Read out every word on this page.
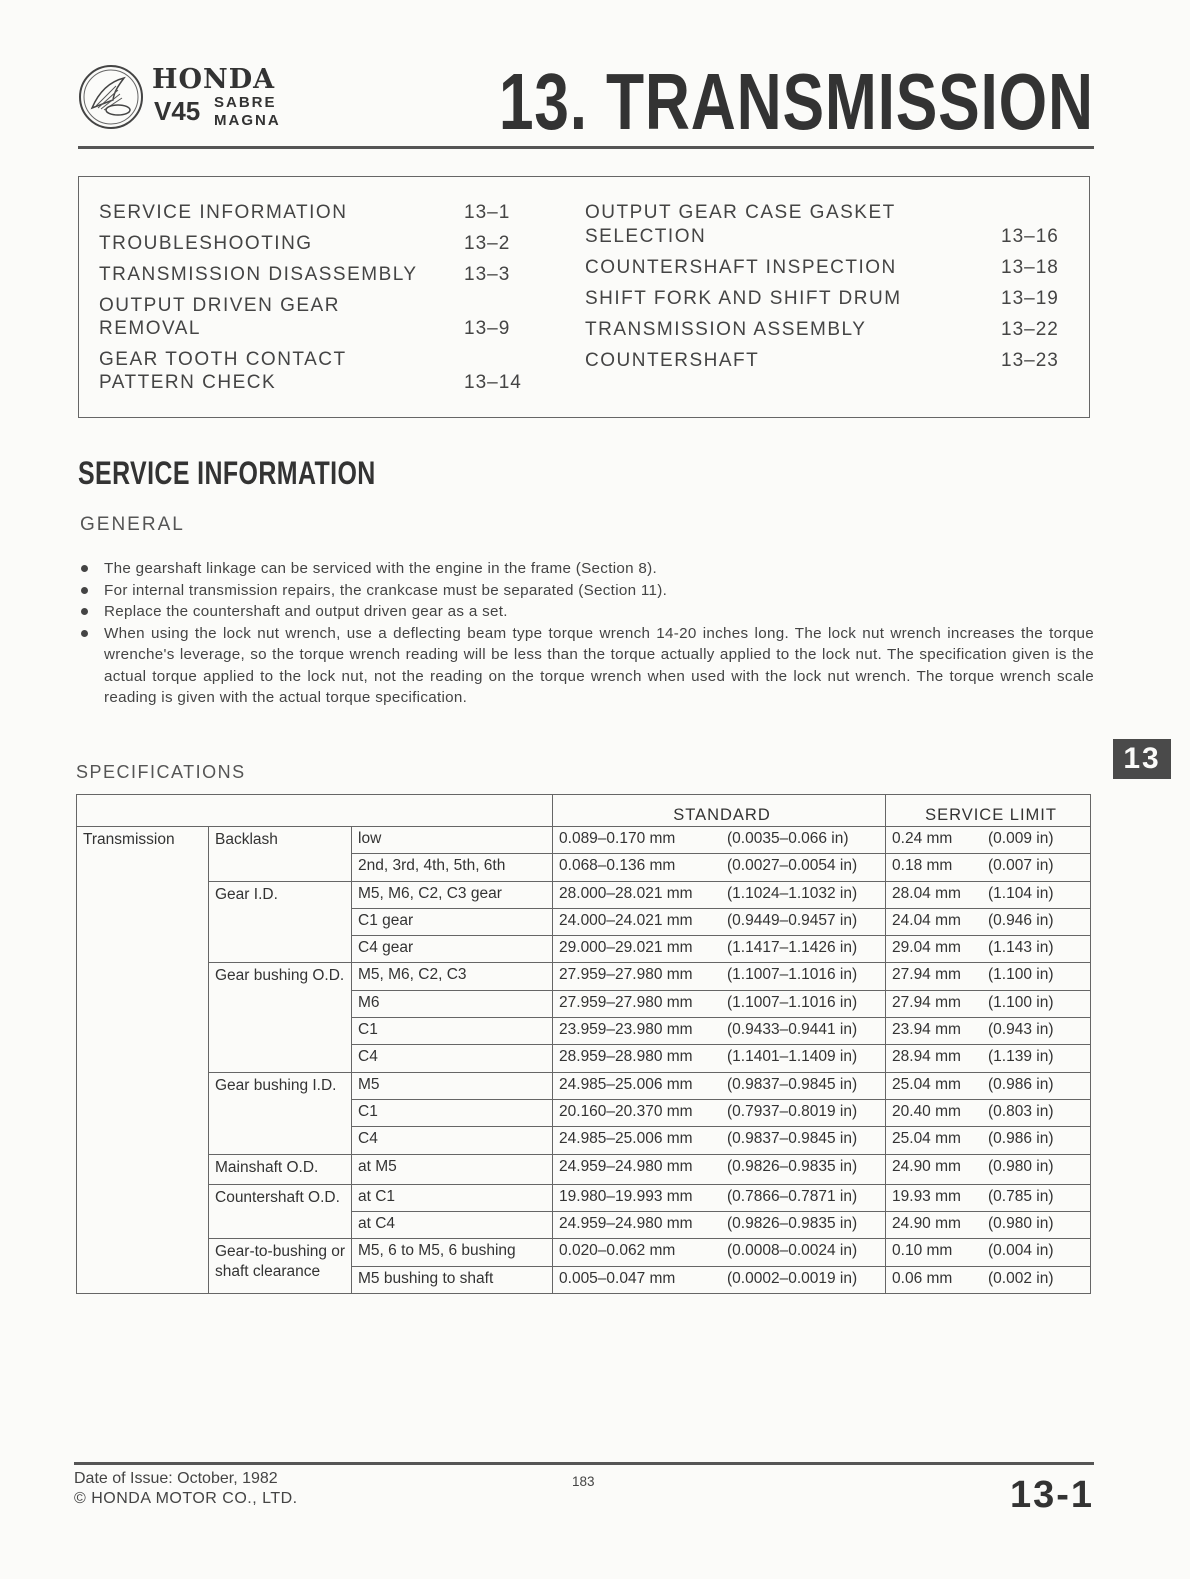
HONDA
V45 SABRE
MAGNA	13. TRANSMISSION
SERVICE INFORMATION	13–1
TROUBLESHOOTING	13–2
TRANSMISSION DISASSEMBLY 13–3
OUTPUT DRIVEN GEAR
REMOVAL	13–9
GEAR TOOTH CONTACT
PATTERN CHECK	13–14
OUTPUT GEAR CASE GASKET
SELECTION	13–16
COUNTERSHAFT INSPECTION	13–18
SHIFT FORK AND SHIFT DRUM	13–19
TRANSMISSION ASSEMBLY	13–22
COUNTERSHAFT	13–23
SERVICE INFORMATION
GENERAL
The gearshaft linkage can be serviced with the engine in the frame (Section 8).
For internal transmission repairs, the crankcase must be separated (Section 11).
Replace the countershaft and output driven gear as a set.
When using the lock nut wrench, use a deflecting beam type torque wrench 14-20 inches long. The lock nut wrench increases the torque wrenche's leverage, so the torque wrench reading will be less than the torque actually applied to the lock nut. The specification given is the actual torque applied to the lock nut, not the reading on the torque wrench when used with the lock nut wrench. The torque wrench scale reading is given with the actual torque specification.
13
SPECIFICATIONS
			STANDARD	SERVICE LIMIT
Transmission	Backlash	low	0.089–0.170 mm (0.0035–0.066 in)	0.24 mm (0.009 in)
		2nd, 3rd, 4th, 5th, 6th	0.068–0.136 mm (0.0027–0.0054 in)	0.18 mm (0.007 in)
	Gear I.D.	M5, M6, C2, C3 gear	28.000–28.021 mm (1.1024–1.1032 in)	28.04 mm (1.104 in)
		C1 gear	24.000–24.021 mm (0.9449–0.9457 in)	24.04 mm (0.946 in)
		C4 gear	29.000–29.021 mm (1.1417–1.1426 in)	29.04 mm (1.143 in)
	Gear bushing O.D.	M5, M6, C2, C3	27.959–27.980 mm (1.1007–1.1016 in)	27.94 mm (1.100 in)
		M6	27.959–27.980 mm (1.1007–1.1016 in)	27.94 mm (1.100 in)
		C1	23.959–23.980 mm (0.9433–0.9441 in)	23.94 mm (0.943 in)
		C4	28.959–28.980 mm (1.1401–1.1409 in)	28.94 mm (1.139 in)
	Gear bushing I.D.	M5	24.985–25.006 mm (0.9837–0.9845 in)	25.04 mm (0.986 in)
		C1	20.160–20.370 mm (0.7937–0.8019 in)	20.40 mm (0.803 in)
		C4	24.985–25.006 mm (0.9837–0.9845 in)	25.04 mm (0.986 in)
	Mainshaft O.D.	at M5	24.959–24.980 mm (0.9826–0.9835 in)	24.90 mm (0.980 in)
	Countershaft O.D.	at C1	19.980–19.993 mm (0.7866–0.7871 in)	19.93 mm (0.785 in)
		at C4	24.959–24.980 mm (0.9826–0.9835 in)	24.90 mm (0.980 in)
	Gear-to-bushing or shaft clearance	M5, 6 to M5, 6 bushing	0.020–0.062 mm (0.0008–0.0024 in)	0.10 mm (0.004 in)
		M5 bushing to shaft	0.005–0.047 mm (0.0002–0.0019 in)	0.06 mm (0.002 in)
Date of Issue: October, 1982
© HONDA MOTOR CO., LTD.
183	13-1
